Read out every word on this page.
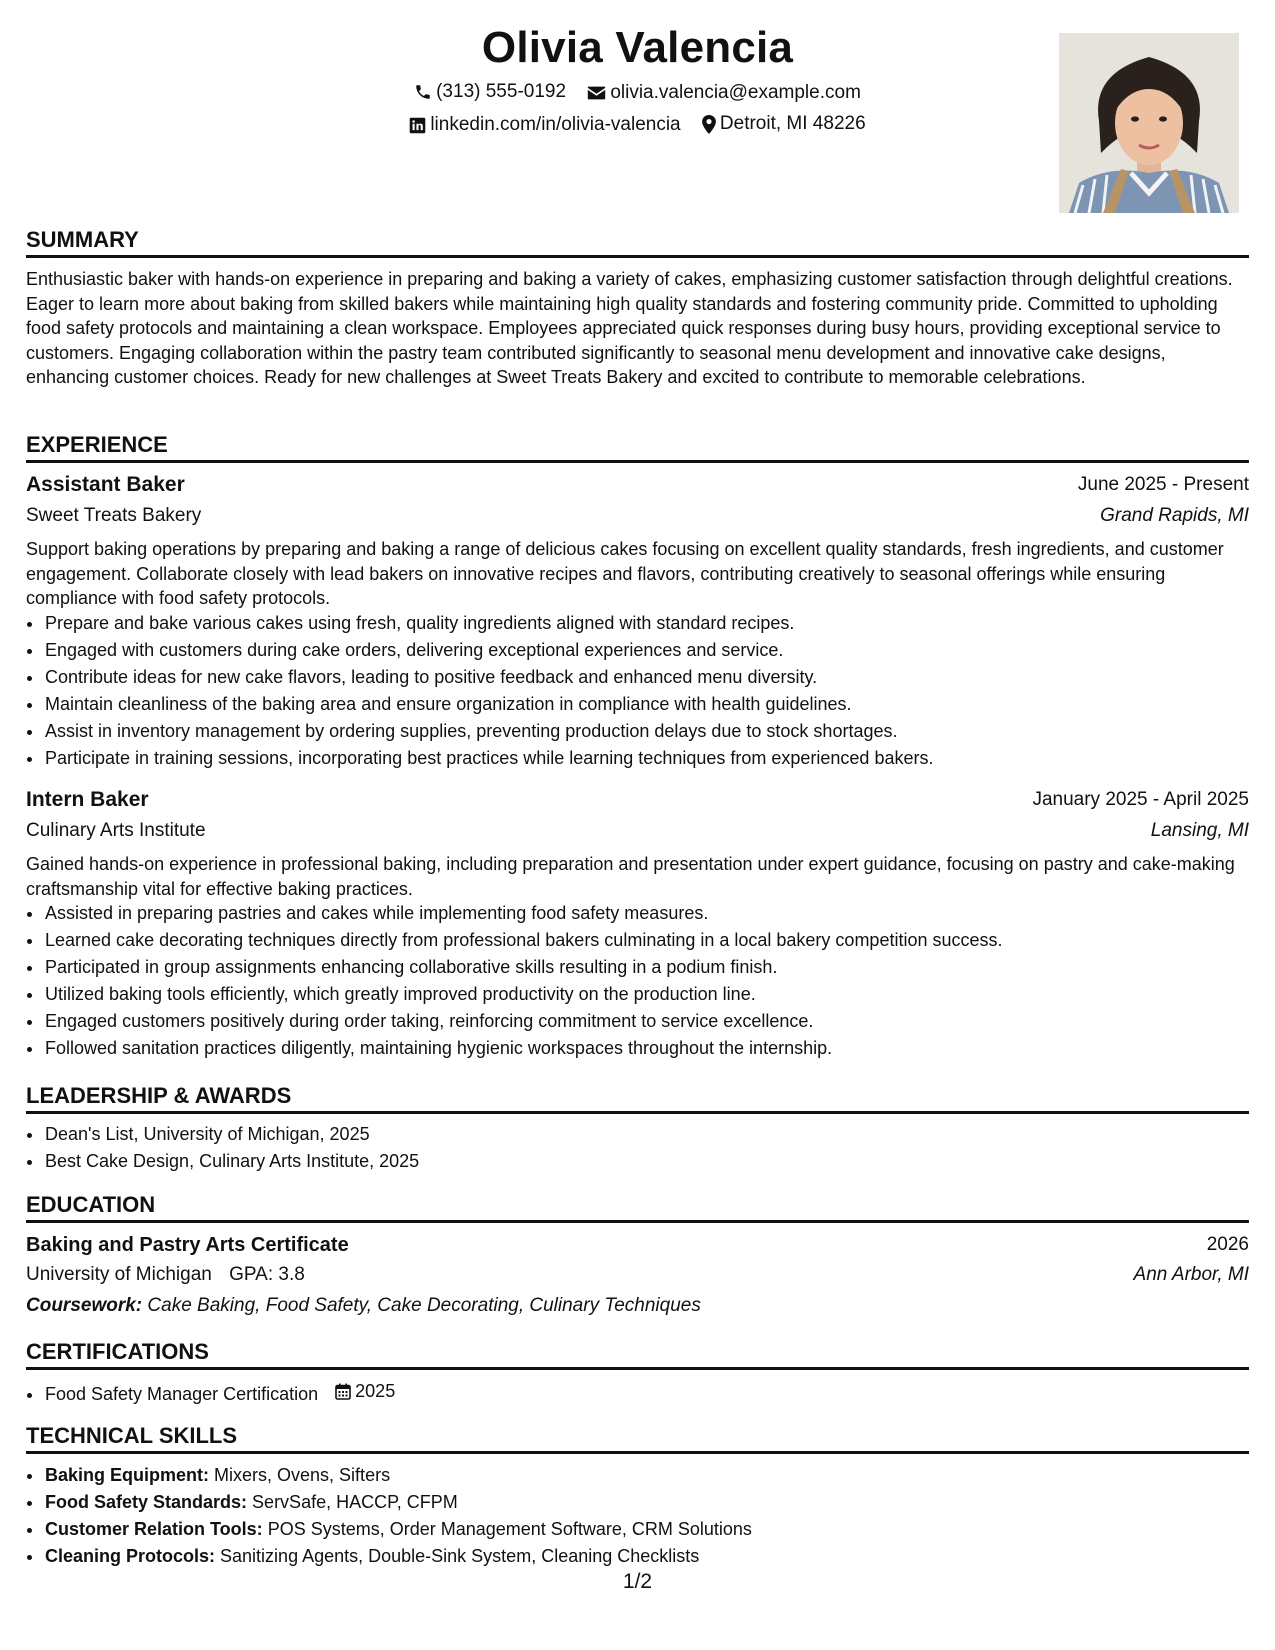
Olivia Valencia
(313) 555-0192
olivia.valencia@example.com
linkedin.com/in/olivia-valencia
Detroit, MI 48226
SUMMARY
Enthusiastic baker with hands-on experience in preparing and baking a variety of cakes, emphasizing customer satisfaction through delightful creations. Eager to learn more about baking from skilled bakers while maintaining high quality standards and fostering community pride. Committed to upholding food safety protocols and maintaining a clean workspace. Employees appreciated quick responses during busy hours, providing exceptional service to customers. Engaging collaboration within the pastry team contributed significantly to seasonal menu development and innovative cake designs, enhancing customer choices. Ready for new challenges at Sweet Treats Bakery and excited to contribute to memorable celebrations.
EXPERIENCE
Assistant Baker	June 2025 - Present
Sweet Treats Bakery	Grand Rapids, MI
Support baking operations by preparing and baking a range of delicious cakes focusing on excellent quality standards, fresh ingredients, and customer engagement. Collaborate closely with lead bakers on innovative recipes and flavors, contributing creatively to seasonal offerings while ensuring compliance with food safety protocols.
• Prepare and bake various cakes using fresh, quality ingredients aligned with standard recipes.
• Engaged with customers during cake orders, delivering exceptional experiences and service.
• Contribute ideas for new cake flavors, leading to positive feedback and enhanced menu diversity.
• Maintain cleanliness of the baking area and ensure organization in compliance with health guidelines.
• Assist in inventory management by ordering supplies, preventing production delays due to stock shortages.
• Participate in training sessions, incorporating best practices while learning techniques from experienced bakers.
Intern Baker	January 2025 - April 2025
Culinary Arts Institute	Lansing, MI
Gained hands-on experience in professional baking, including preparation and presentation under expert guidance, focusing on pastry and cake-making craftsmanship vital for effective baking practices.
• Assisted in preparing pastries and cakes while implementing food safety measures.
• Learned cake decorating techniques directly from professional bakers culminating in a local bakery competition success.
• Participated in group assignments enhancing collaborative skills resulting in a podium finish.
• Utilized baking tools efficiently, which greatly improved productivity on the production line.
• Engaged customers positively during order taking, reinforcing commitment to service excellence.
• Followed sanitation practices diligently, maintaining hygienic workspaces throughout the internship.
LEADERSHIP & AWARDS
• Dean's List, University of Michigan, 2025
• Best Cake Design, Culinary Arts Institute, 2025
EDUCATION
Baking and Pastry Arts Certificate	2026
University of Michigan GPA: 3.8	Ann Arbor, MI
Coursework: Cake Baking, Food Safety, Cake Decorating, Culinary Techniques
CERTIFICATIONS
• Food Safety Manager Certification 2025
TECHNICAL SKILLS
• Baking Equipment: Mixers, Ovens, Sifters
• Food Safety Standards: ServSafe, HACCP, CFPM
• Customer Relation Tools: POS Systems, Order Management Software, CRM Solutions
• Cleaning Protocols: Sanitizing Agents, Double-Sink System, Cleaning Checklists
1/2
